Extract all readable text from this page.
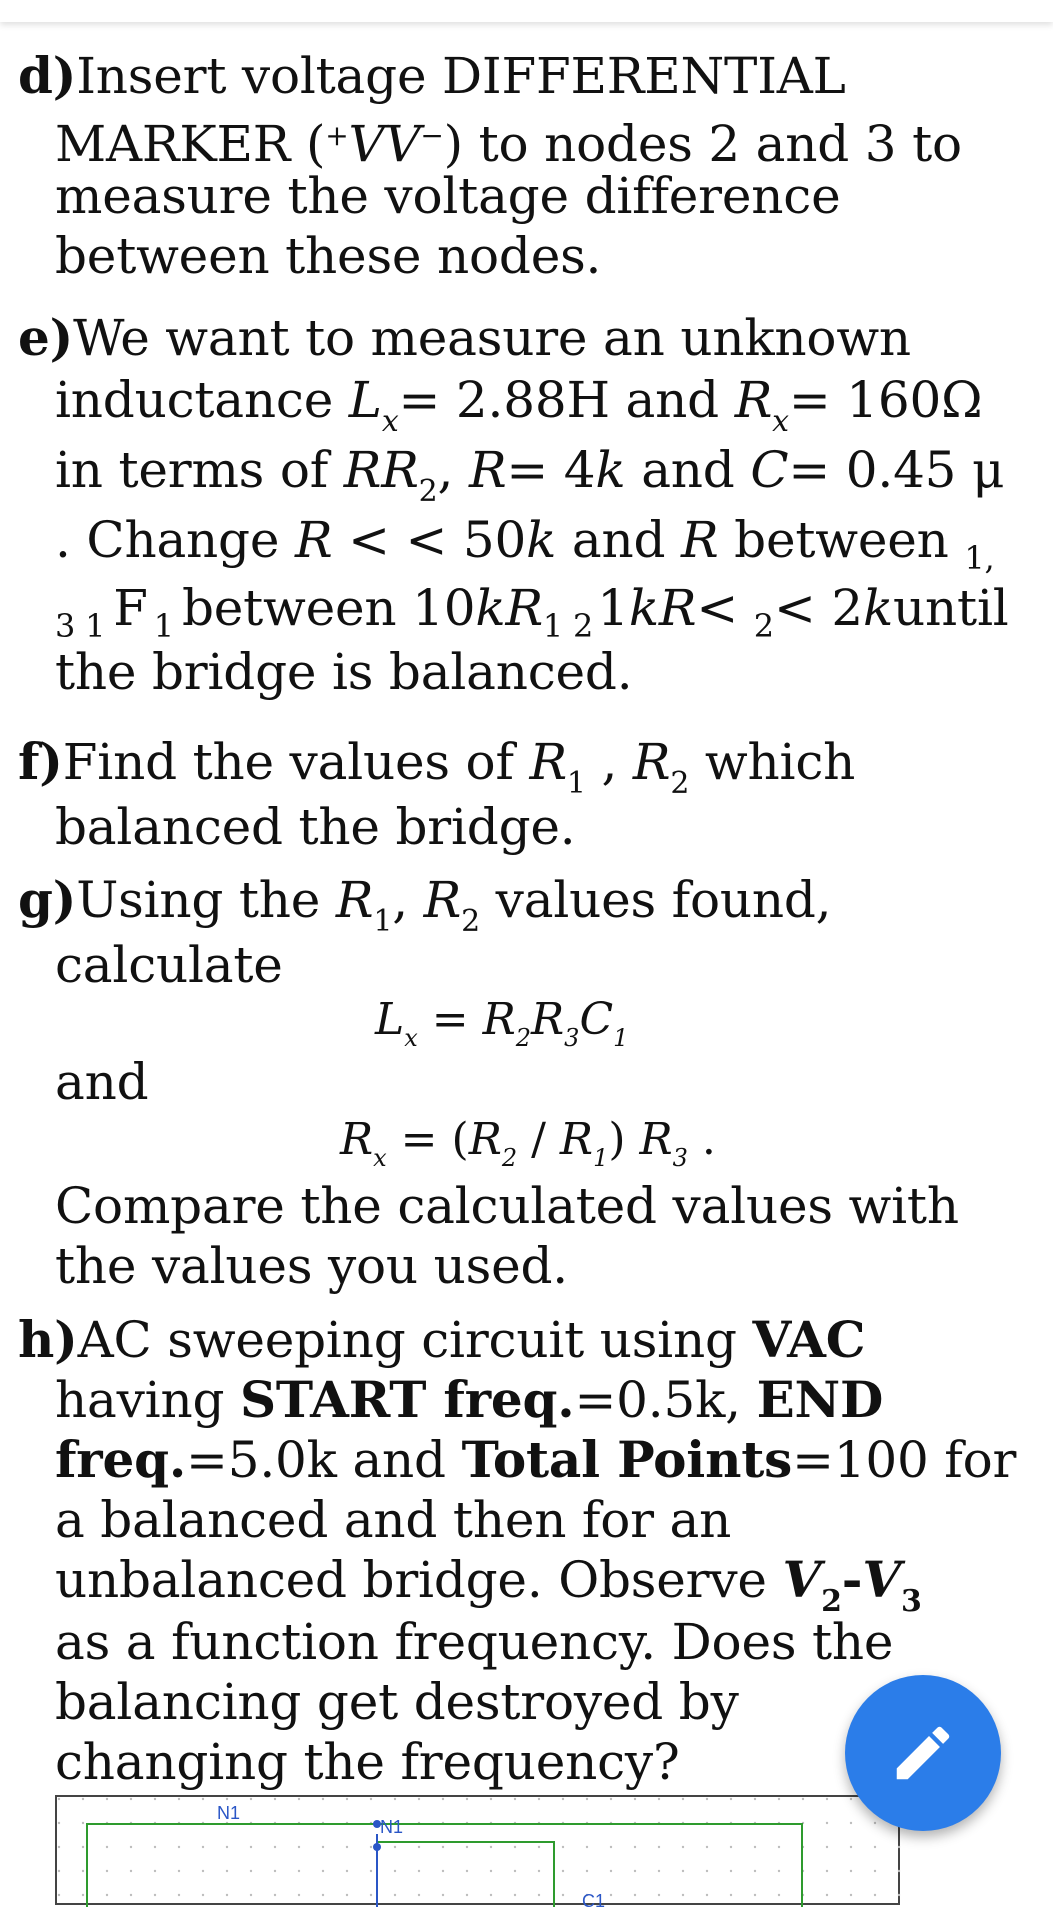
d)Insert voltage DIFFERENTIAL
MARKER (+VV−) to nodes 2 and 3 to
measure the voltage difference
between these nodes.
e)We want to measure an unknown
inductance $L_x= 2.88H$ and $R_x= 160\Omega$
in terms of $RR_2$, R= 4k and C= 0.45 μ
. Change R < < 50k and R between $_{1,}$
$_{3 1}$ F $_1$ between $10kR_{1 2}1kR< _2<$ 2kuntil
the bridge is balanced.
f)Find the values of $R_1$ , $R_2$ which
balanced the bridge.
g)Using the $R_1$, $R_2$ values found,
calculate
$L_x = R_2R_3C_1$
and
$R_x = (R_2 / R_1)$ $R_3$ .
Compare the calculated values with
the values you used.
h)AC sweeping circuit using VAC
having START freq.=0.5k, END
freq.=5.0k and Total Points=100 for
a balanced and then for an
unbalanced bridge. Observe $V_2-V_3$
as a function frequency. Does the
balancing get destroyed by
changing the frequency?
N1
N1
C1
